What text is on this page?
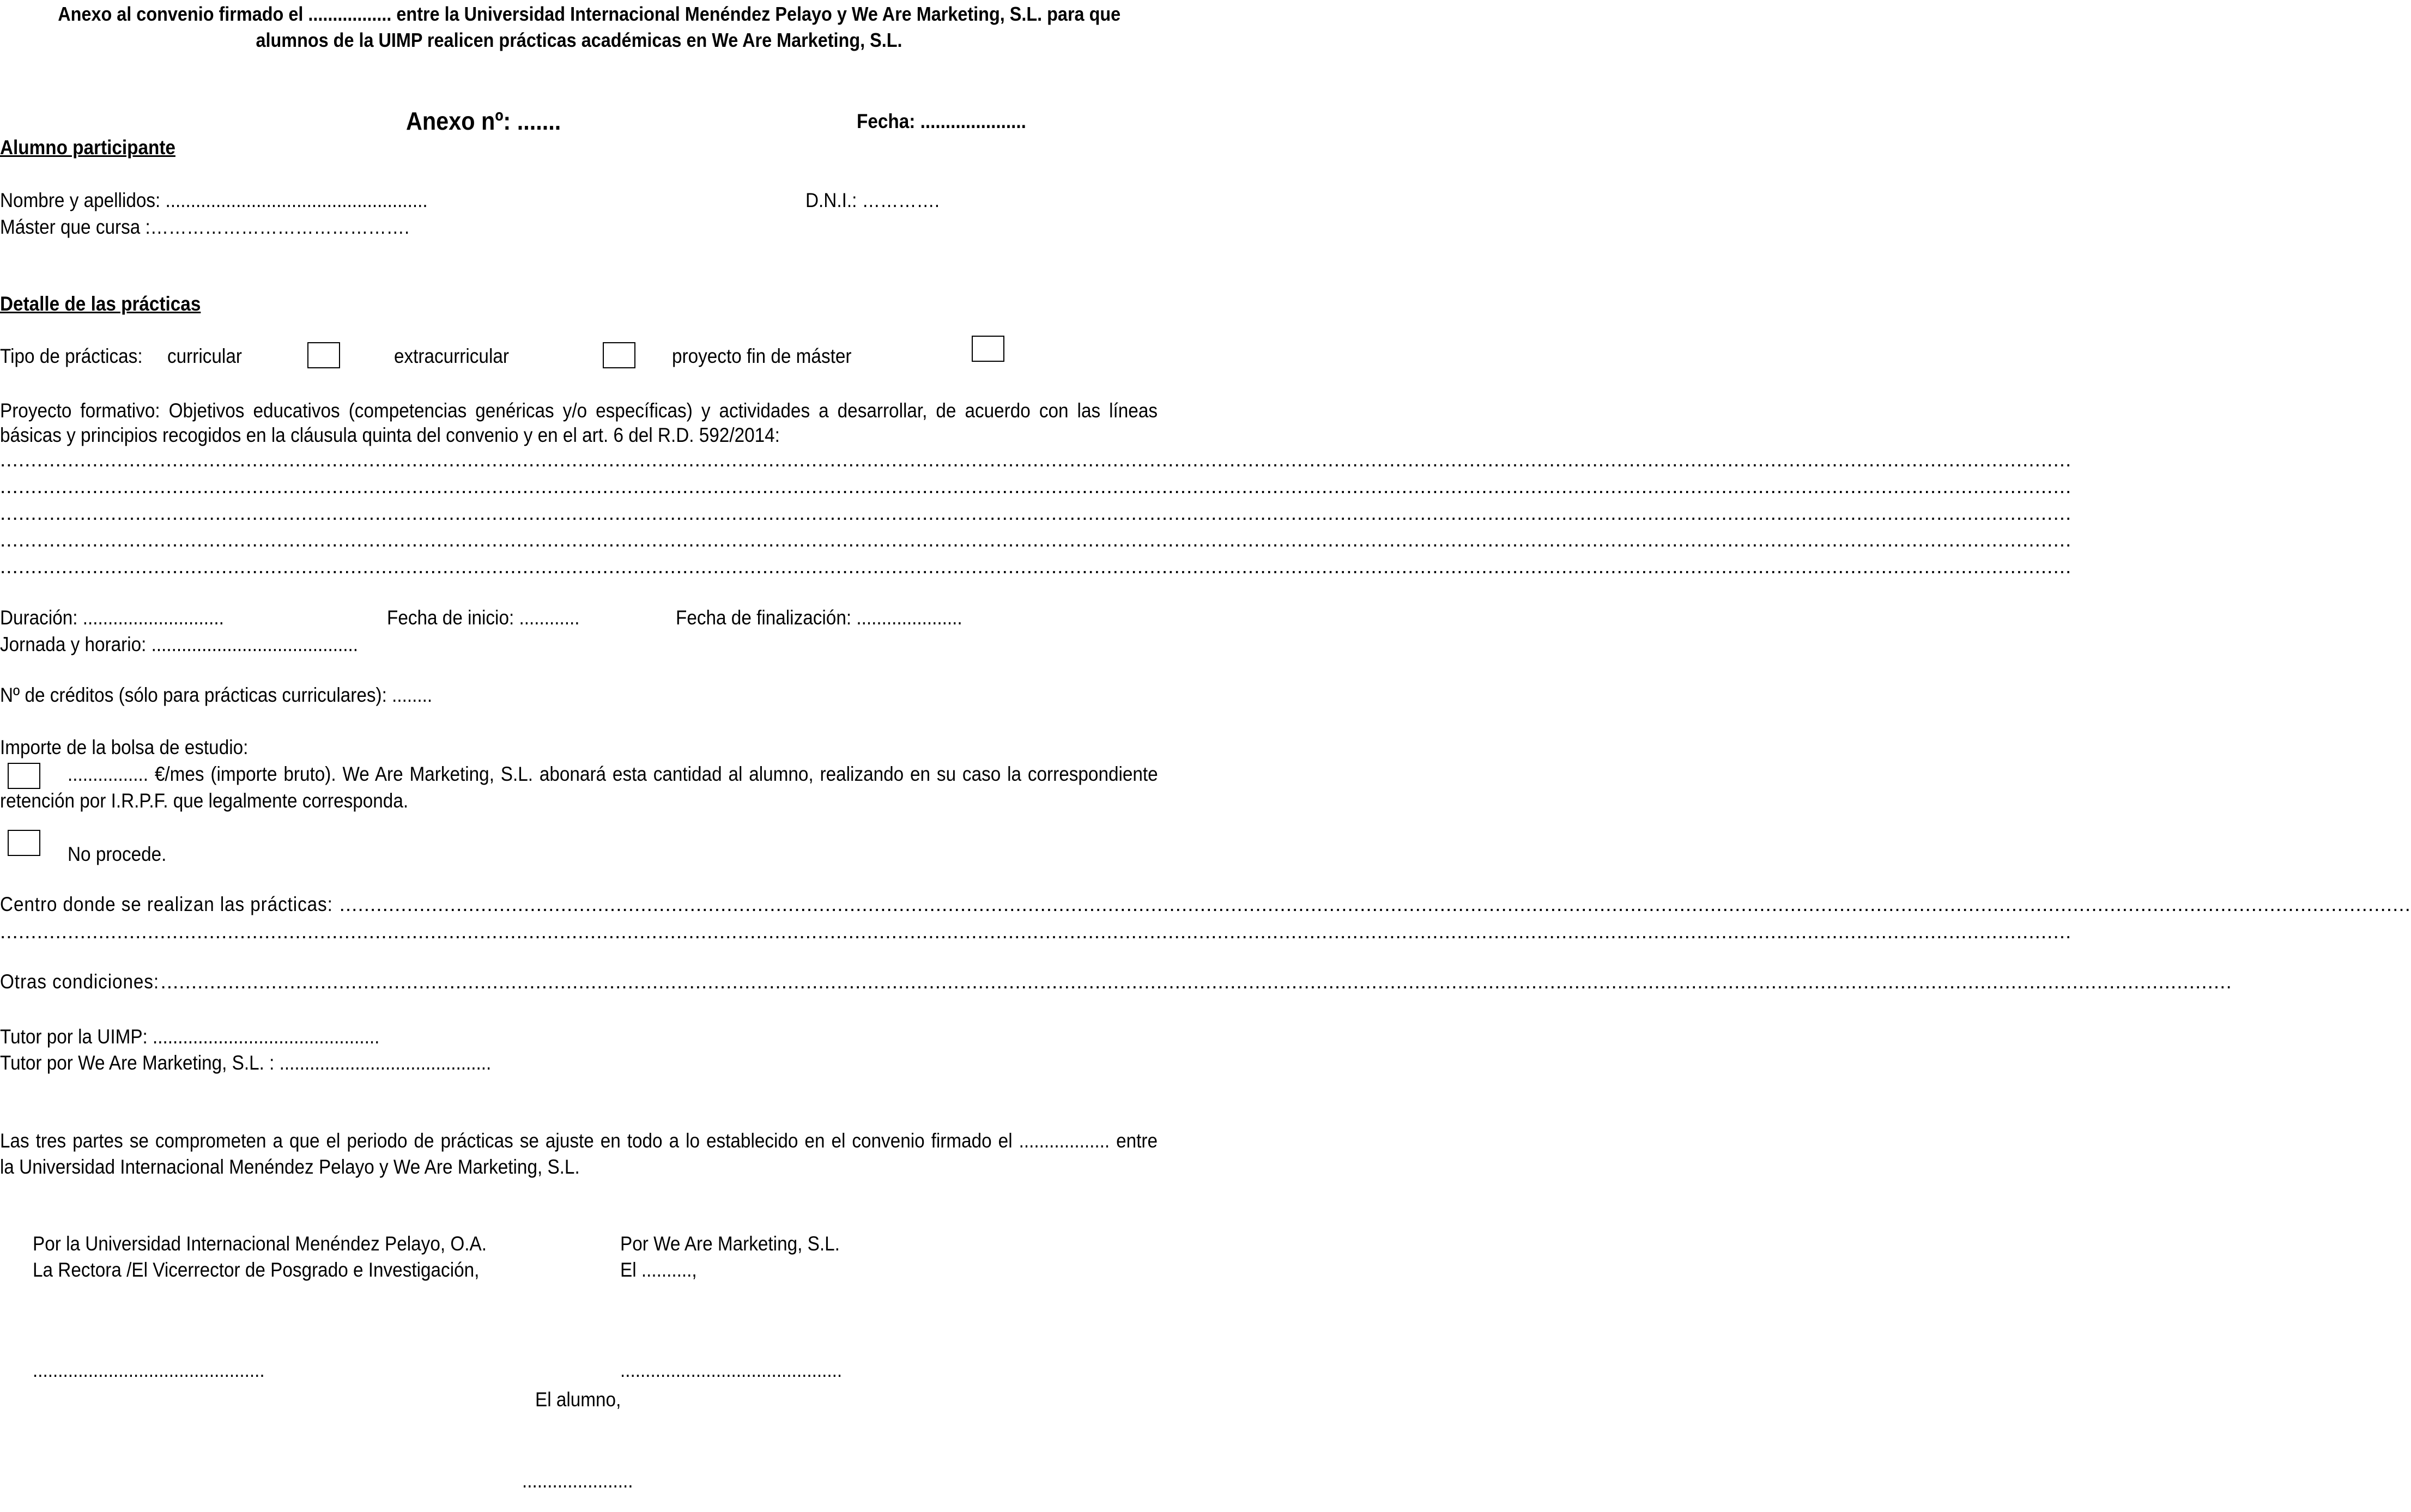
Anexo al convenio firmado el ................. entre la Universidad Internacional Menéndez Pelayo y We Are Marketing, S.L. para que
alumnos de la UIMP realicen prácticas académicas en We Are Marketing, S.L.
Anexo nº: .......	Fecha: .....................
Alumno participante
Nombre y apellidos: ....................................................	D.N.I.: ………….
Máster que cursa :…………………………………….
Detalle de las prácticas
Tipo de prácticas: curricular	extracurricular	proyecto fin de máster
Proyecto formativo: Objetivos educativos (competencias genéricas y/o específicas) y actividades a desarrollar, de acuerdo con las líneas
básicas y principios recogidos en la cláusula quinta del convenio y en el art. 6 del R.D. 592/2014:
.................................................................................................................................................................................................................................................................................................................................................
.................................................................................................................................................................................................................................................................................................................................................
.................................................................................................................................................................................................................................................................................................................................................
.................................................................................................................................................................................................................................................................................................................................................
.................................................................................................................................................................................................................................................................................................................................................
Duración: ............................	Fecha de inicio: ............	Fecha de finalización: .....................
Jornada y horario: .........................................
Nº de créditos (sólo para prácticas curriculares): ........
Importe de la bolsa de estudio:
................ €/mes (importe bruto). We Are Marketing, S.L. abonará esta cantidad al alumno, realizando en su caso la correspondiente
retención por I.R.P.F. que legalmente corresponda.
No procede.
Centro donde se realizan las prácticas:.................................................................................................................................................................................................................................................................................................................................................
.................................................................................................................................................................................................................................................................................................................................................
Otras condiciones:.................................................................................................................................................................................................................................................................................................................................................
Tutor por la UIMP: .............................................
Tutor por We Are Marketing, S.L. : ..........................................
Las tres partes se comprometen a que el periodo de prácticas se ajuste en todo a lo establecido en el convenio firmado el .................. entre
la Universidad Internacional Menéndez Pelayo y We Are Marketing, S.L.
Por la Universidad Internacional Menéndez Pelayo, O.A.
La Rectora /El Vicerrector de Posgrado e Investigación,
Por We Are Marketing, S.L.
El ..........,
..............................................	............................................
El alumno,
......................
